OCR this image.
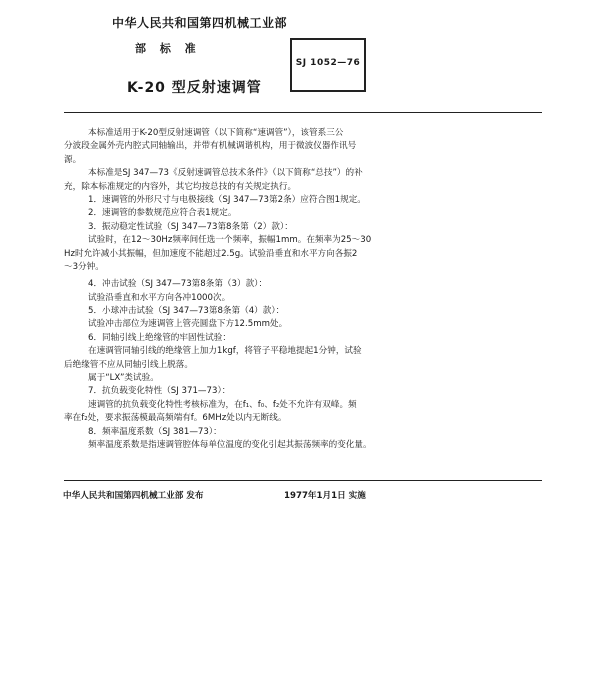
中华人民共和国第四机械工业部
部 标 准
SJ 1052—76
K-20 型反射速调管
本标准适用于K-20型反射速调管（以下简称“速调管”），该管系三公
分波段金属外壳内腔式同轴输出，并带有机械调谐机构，用于微波仪器作讯号
源。
本标准是SJ 347—73《反射速调管总技术条件》（以下简称“总技”）的补
充，除本标准规定的内容外，其它均按总技的有关规定执行。
1．速调管的外形尺寸与电极接线（SJ 347—73第2条）应符合图1规定。
2．速调管的参数规范应符合表1规定。
3．振动稳定性试验（SJ 347—73第8条第（2）款）：
试验时，在12～30Hz频率间任选一个频率，振幅1mm。在频率为25～30
Hz时允许减小其振幅，但加速度不能超过2.5g。试验沿垂直和水平方向各振2
～3分钟。
4．冲击试验（SJ 347—73第8条第（3）款）：
试验沿垂直和水平方向各冲1000次。
5．小球冲击试验（SJ 347—73第8条第（4）款）：
试验冲击部位为速调管上管壳圆盘下方12.5mm处。
6．同轴引线上绝缘管的牢固性试验：
在速调管同轴引线的绝缘管上加力1kgf，将管子平稳地提起1分钟，试验
后绝缘管不应从同轴引线上脱落。
属于“LX”类试验。
7．抗负载变化特性（SJ 371—73）：
速调管的抗负载变化特性考核标准为，在f₁、f₀、f₂处不允许有双峰。频
率在f₂处，要求振荡模最高频端有f。6MHz处以内无断线。
8．频率温度系数（SJ 381—73）：
频率温度系数是指速调管腔体每单位温度的变化引起其振荡频率的变化量。
中华人民共和国第四机械工业部 发布	1977年1月1日 实施
